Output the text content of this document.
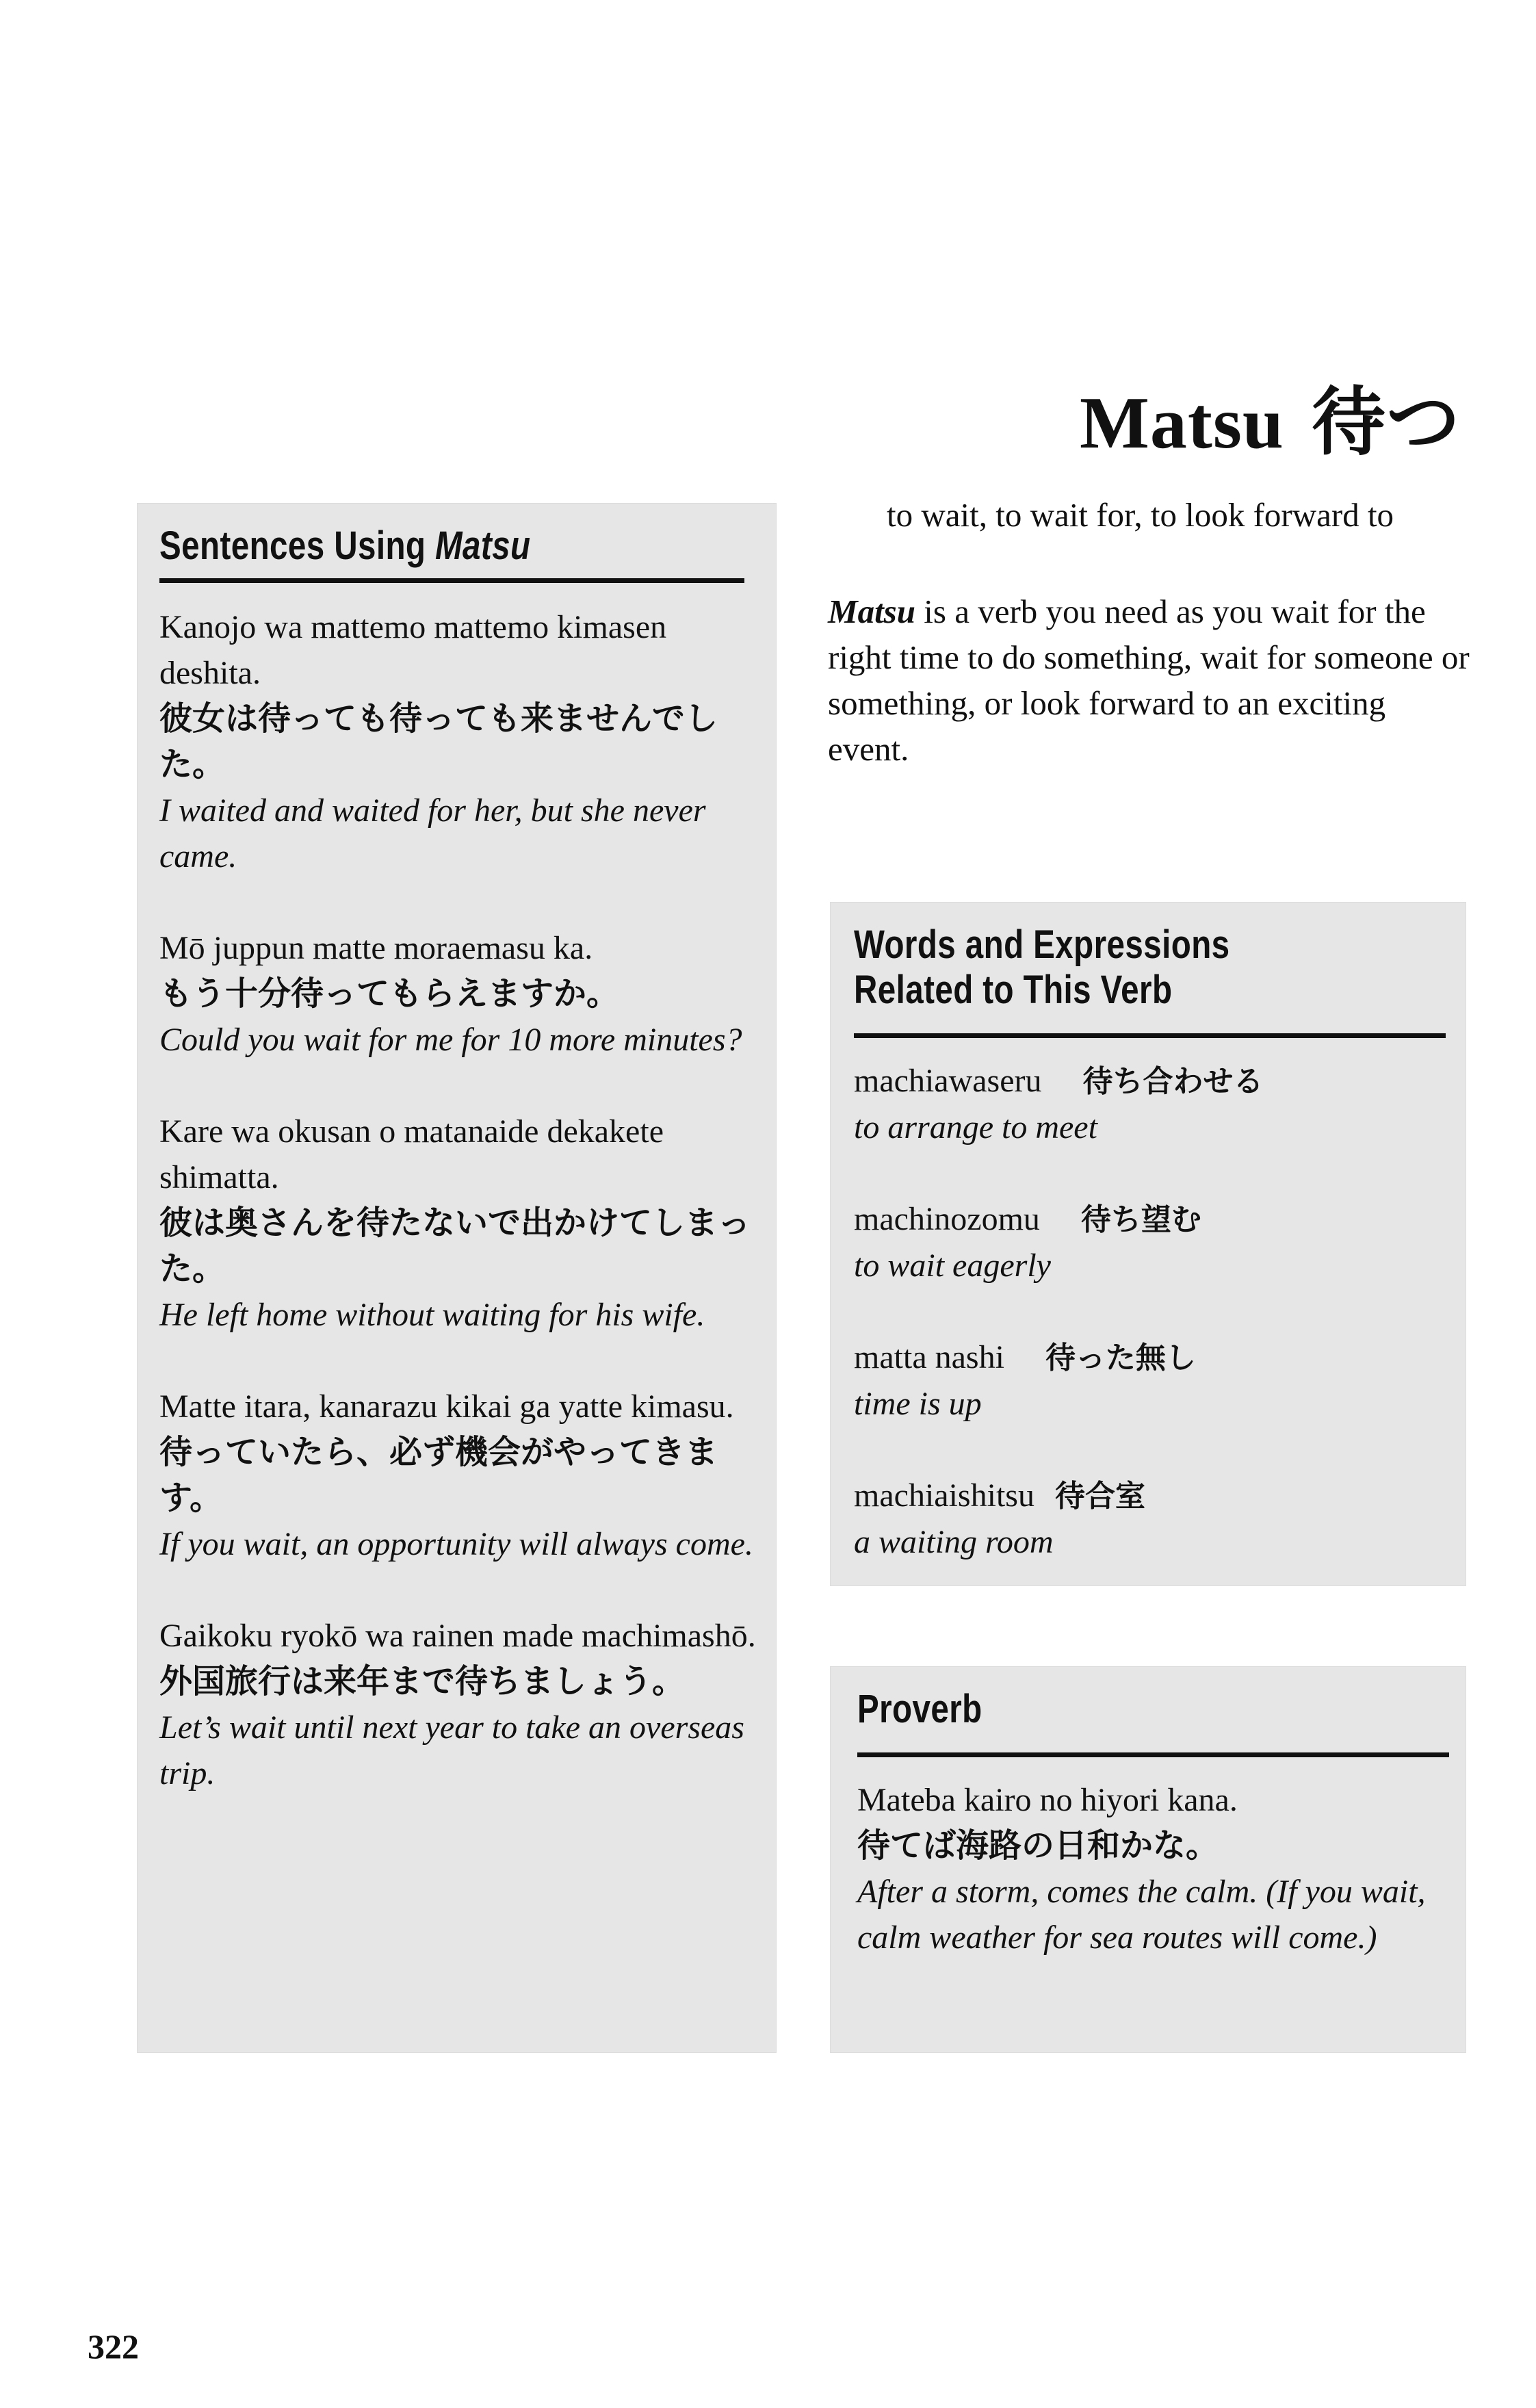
Matsu 待つ
to wait, to wait for, to look forward to
Matsu is a verb you need as you wait for the right time to do something, wait for someone or something, or look forward to an exciting event.
Sentences Using Matsu
Kanojo wa mattemo mattemo kimasen deshita.
彼女は待っても待っても来ませんでした。
I waited and waited for her, but she never came.
Mō juppun matte moraemasu ka.
もう十分待ってもらえますか。
Could you wait for me for 10 more minutes?
Kare wa okusan o matanaide dekakete shimatta.
彼は奥さんを待たないで出かけてしまった。
He left home without waiting for his wife.
Matte itara, kanarazu kikai ga yatte kimasu.
待っていたら、必ず機会がやってきます。
If you wait, an opportunity will always come.
Gaikoku ryokō wa rainen made machimashō.
外国旅行は来年まで待ちましょう。
Let’s wait until next year to take an overseas trip.
Words and Expressions
Related to This Verb
machiawaseru 待ち合わせる
to arrange to meet
machinozomu 待ち望む
to wait eagerly
matta nashi 待った無し
time is up
machiaishitsu 待合室
a waiting room
Proverb
Mateba kairo no hiyori kana.
待てば海路の日和かな。
After a storm, comes the calm. (If you wait, calm weather for sea routes will come.)
322
